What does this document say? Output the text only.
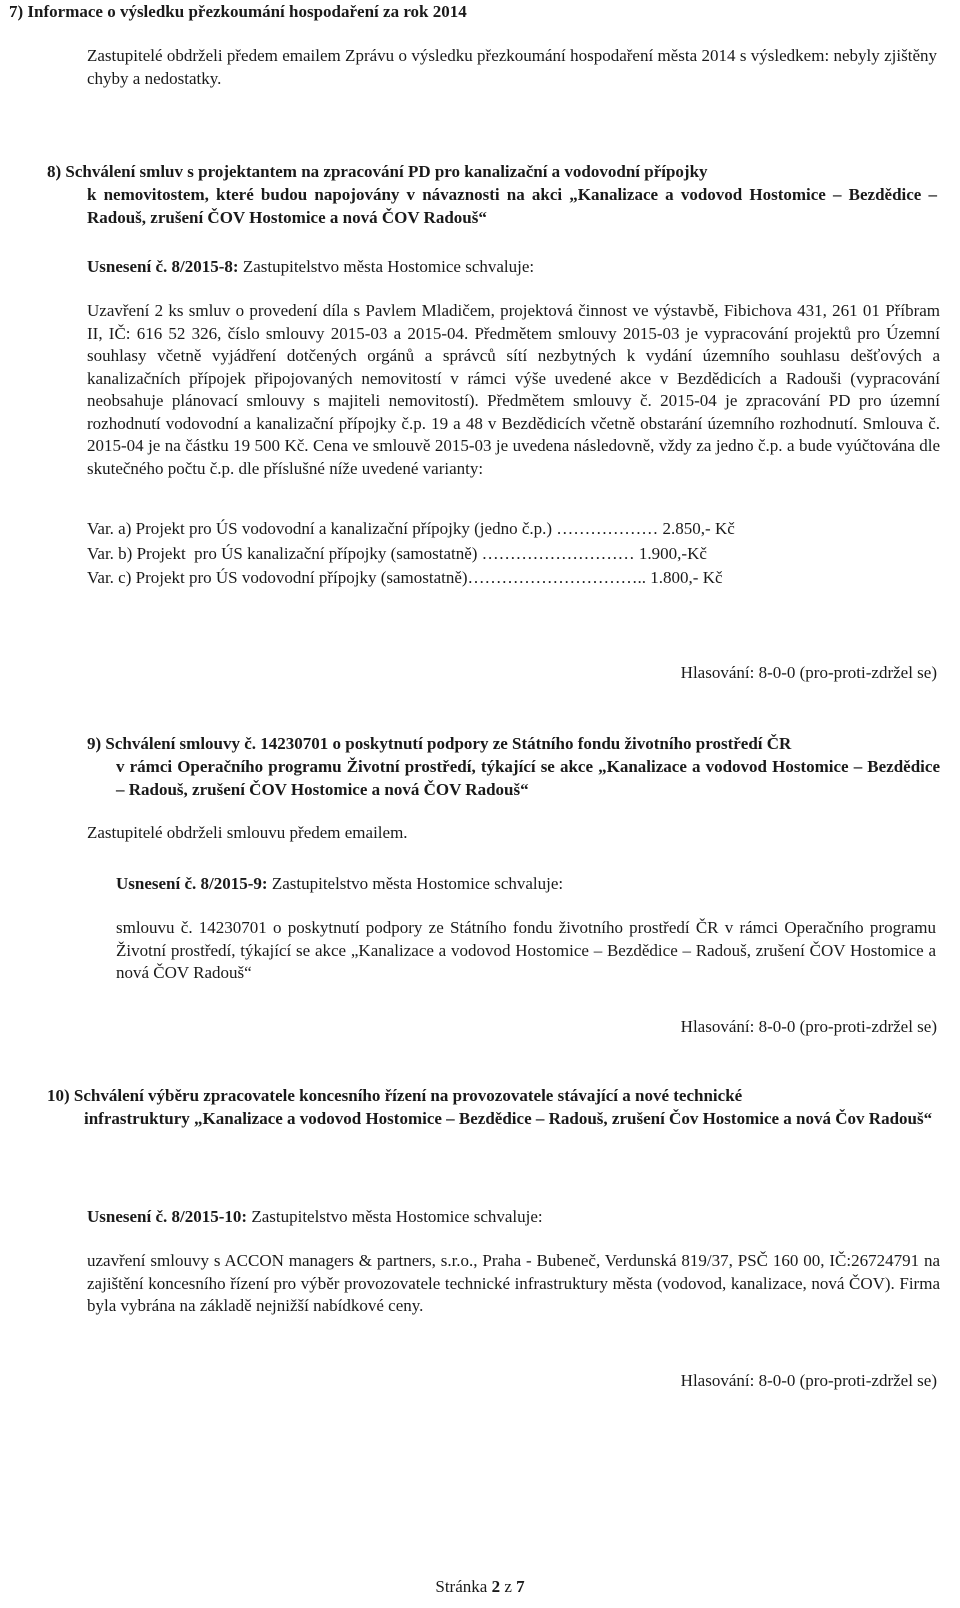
7) Informace o výsledku přezkoumání hospodaření za rok 2014

Zastupitelé obdrželi předem emailem Zprávu o výsledku přezkoumání hospodaření města 2014 s výsledkem: nebyly zjištěny chyby a nedostatky.

8) Schválení smluv s projektantem na zpracování PD pro kanalizační a vodovodní přípojky
k nemovitostem, které budou napojovány v návaznosti na akci „Kanalizace a vodovod Hostomice – Bezdědice – Radouš, zrušení ČOV Hostomice a nová ČOV Radouš“

Usnesení č. 8/2015-8: Zastupitelstvo města Hostomice schvaluje:

Uzavření 2 ks smluv o provedení díla s Pavlem Mladičem, projektová činnost ve výstavbě, Fibichova 431, 261 01 Příbram II, IČ: 616 52 326, číslo smlouvy 2015-03 a 2015-04. Předmětem smlouvy 2015-03 je vypracování projektů pro Územní souhlasy včetně vyjádření dotčených orgánů a správců sítí nezbytných k vydání územního souhlasu dešťových a kanalizačních přípojek připojovaných nemovitostí v rámci výše uvedené akce v Bezdědicích a Radouši (vypracování neobsahuje plánovací smlouvy s majiteli nemovitostí). Předmětem smlouvy č. 2015-04 je zpracování PD pro územní rozhodnutí vodovodní a kanalizační přípojky č.p. 19 a 48 v Bezdědicích včetně obstarání územního rozhodnutí. Smlouva č. 2015-04 je na částku 19 500 Kč. Cena ve smlouvě 2015-03 je uvedena následovně, vždy za jedno č.p. a bude vyúčtována dle skutečného počtu č.p. dle příslušné níže uvedené varianty:

Var. a) Projekt pro ÚS vodovodní a kanalizační přípojky (jedno č.p.) ……………… 2.850,- Kč
Var. b) Projekt  pro ÚS kanalizační přípojky (samostatně) ……………………… 1.900,-Kč
Var. c) Projekt pro ÚS vodovodní přípojky (samostatně)………………………….. 1.800,- Kč
Hlasování: 8-0-0 (pro-proti-zdržel se)
9) Schválení smlouvy č. 14230701 o poskytnutí podpory ze Státního fondu životního prostředí ČR
v rámci Operačního programu Životní prostředí, týkající se akce „Kanalizace a vodovod Hostomice – Bezdědice – Radouš, zrušení ČOV Hostomice a nová ČOV Radouš“

Zastupitelé obdrželi smlouvu předem emailem.

Usnesení č. 8/2015-9: Zastupitelstvo města Hostomice schvaluje:

smlouvu č. 14230701 o poskytnutí podpory ze Státního fondu životního prostředí ČR v rámci Operačního programu Životní prostředí, týkající se akce „Kanalizace a vodovod Hostomice – Bezdědice – Radouš, zrušení ČOV Hostomice a nová ČOV Radouš“

Hlasování: 8-0-0 (pro-proti-zdržel se)
10) Schválení výběru zpracovatele koncesního řízení na provozovatele stávající a nové technické
infrastruktury „Kanalizace a vodovod Hostomice – Bezdědice – Radouš, zrušení Čov Hostomice a nová Čov Radouš“

Usnesení č. 8/2015-10: Zastupitelstvo města Hostomice schvaluje:

uzavření smlouvy s ACCON managers & partners, s.r.o., Praha - Bubeneč, Verdunská 819/37, PSČ 160 00, IČ:26724791 na zajištění koncesního řízení pro výběr provozovatele technické infrastruktury města (vodovod, kanalizace, nová ČOV). Firma byla vybrána na základě nejnižší nabídkové ceny.

Hlasování: 8-0-0 (pro-proti-zdržel se)
Stránka 2 z 7
